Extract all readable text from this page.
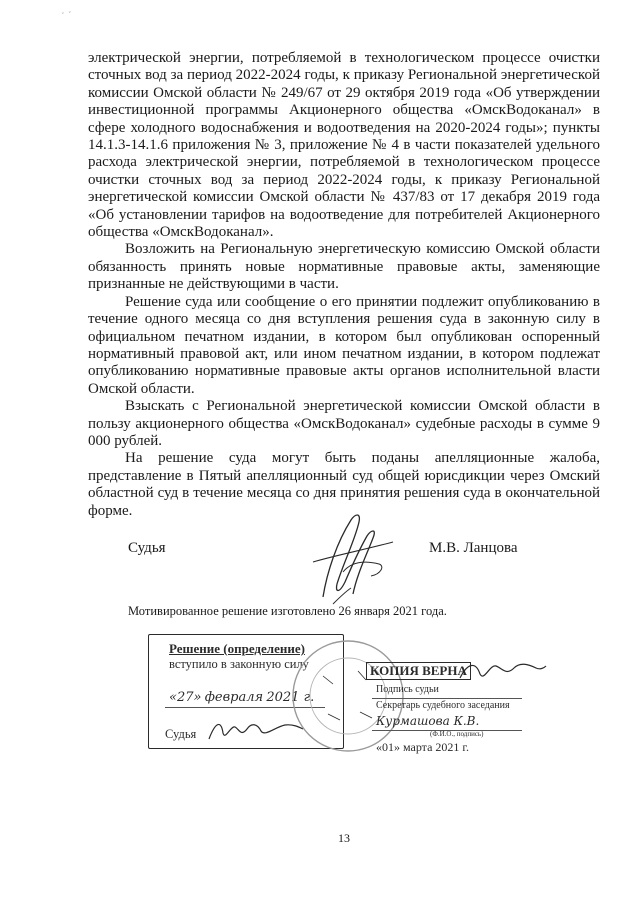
ﾞ ﾞ

электрической энергии, потребляемой в технологическом процессе очистки сточных вод за период 2022-2024 годы, к приказу Региональной энергетической комиссии Омской области № 249/67 от 29 октября 2019 года «Об утверждении инвестиционной программы Акционерного общества «ОмскВодоканал» в сфере холодного водоснабжения и водоотведения на 2020-2024 годы»; пункты 14.1.3-14.1.6 приложения № 3, приложение № 4 в части показателей удельного расхода электрической энергии, потребляемой в технологическом процессе очистки сточных вод за период 2022-2024 годы, к приказу Региональной энергетической комиссии Омской области № 437/83 от 17 декабря 2019 года «Об установлении тарифов на водоотведение для потребителей Акционерного общества «ОмскВодоканал».

Возложить на Региональную энергетическую комиссию Омской области обязанность принять новые нормативные правовые акты, заменяющие признанные не действующими в части.

Решение суда или сообщение о его принятии подлежит опубликованию в течение одного месяца со дня вступления решения суда в законную силу в официальном печатном издании, в котором был опубликован оспоренный нормативный правовой акт, или ином печатном издании, в котором подлежат опубликованию нормативные правовые акты органов исполнительной власти Омской области.

Взыскать с Региональной энергетической комиссии Омской области в пользу акционерного общества «ОмскВодоканал» судебные расходы в сумме 9 000 рублей.

На решение суда могут быть поданы апелляционные жалоба, представление в Пятый апелляционный суд общей юрисдикции через Омский областной суд в течение месяца со дня принятия решения суда в окончательной форме.

Судья	М.В. Ланцова
Мотивированное решение изготовлено 26 января 2021 года.
Решение (определение)
вступило в законную силу
«27» февраля 2021 г.
Судья
КОПИЯ ВЕРНА
Подпись судьи
Секретарь судебного заседания
Курмашова К.В.
(Ф.И.О., подпись)
«01» марта 2021 г.
13
